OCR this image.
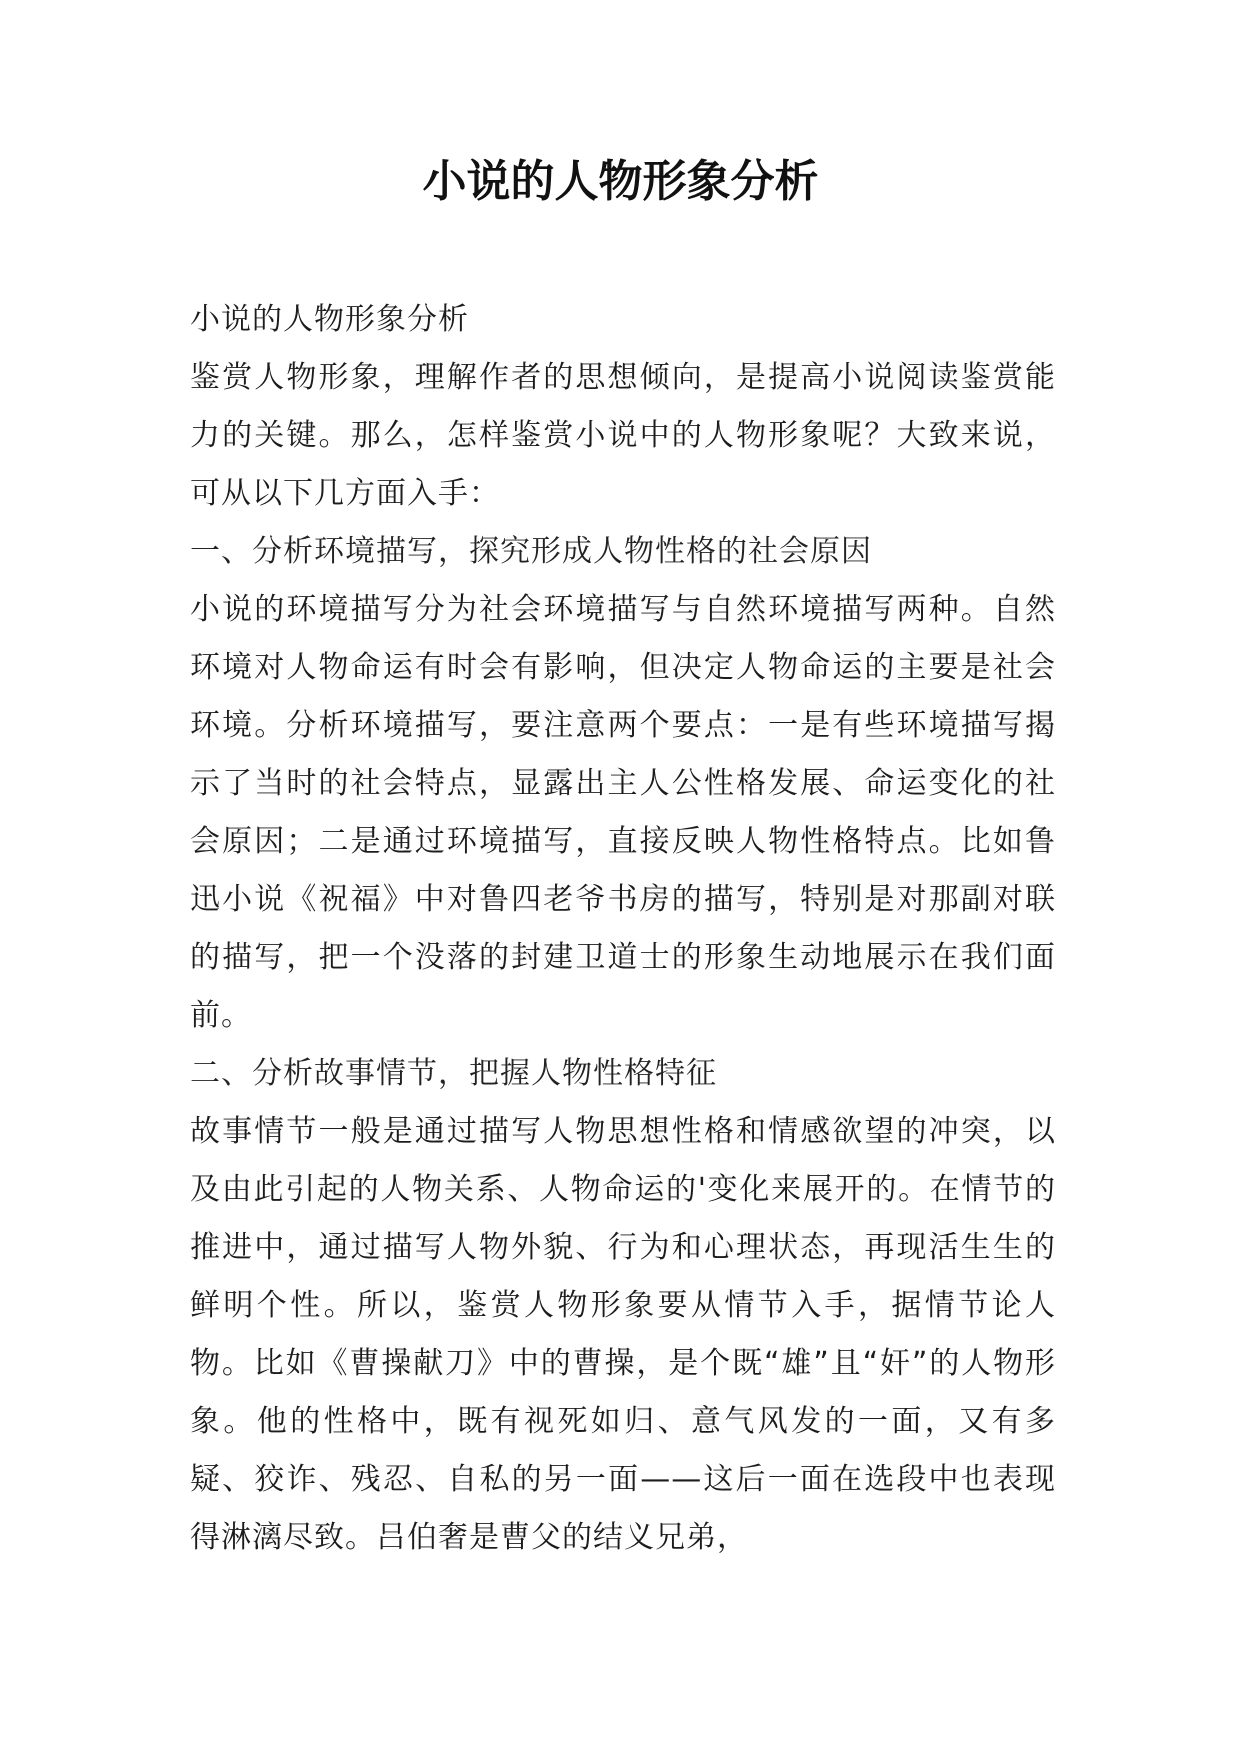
小说的人物形象分析

小说的人物形象分析

鉴赏人物形象，理解作者的思想倾向，是提高小说阅读鉴赏能力的关键。那么，怎样鉴赏小说中的人物形象呢？大致来说，可从以下几方面入手：

一、分析环境描写，探究形成人物性格的社会原因

小说的环境描写分为社会环境描写与自然环境描写两种。自然环境对人物命运有时会有影响，但决定人物命运的主要是社会环境。分析环境描写，要注意两个要点：一是有些环境描写揭示了当时的社会特点，显露出主人公性格发展、命运变化的社会原因；二是通过环境描写，直接反映人物性格特点。比如鲁迅小说《祝福》中对鲁四老爷书房的描写，特别是对那副对联的描写，把一个没落的封建卫道士的形象生动地展示在我们面前。

二、分析故事情节，把握人物性格特征

故事情节一般是通过描写人物思想性格和情感欲望的冲突，以及由此引起的人物关系、人物命运的'变化来展开的。在情节的推进中，通过描写人物外貌、行为和心理状态，再现活生生的鲜明个性。所以，鉴赏人物形象要从情节入手，据情节论人物。比如《曹操献刀》中的曹操，是个既“雄”且“奸”的人物形象。他的性格中，既有视死如归、意气风发的一面，又有多疑、狡诈、残忍、自私的另一面——这后一面在选段中也表现得淋漓尽致。吕伯奢是曹父的结义兄弟，
